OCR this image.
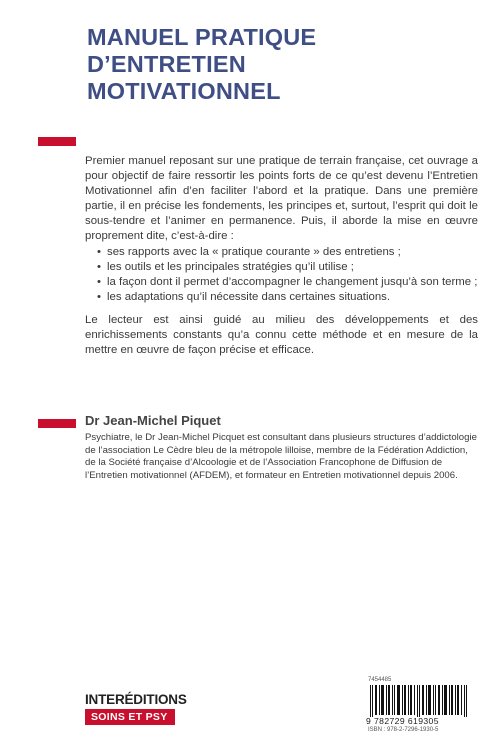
MANUEL PRATIQUE
D’ENTRETIEN
MOTIVATIONNEL

Premier manuel reposant sur une pratique de terrain française, cet ouvrage a pour objectif de faire ressortir les points forts de ce qu’est devenu l’Entretien Motivationnel afin d’en faciliter l’abord et la pratique. Dans une première partie, il en précise les fondements, les principes et, surtout, l’esprit qui doit le sous-tendre et l’animer en permanence. Puis, il aborde la mise en œuvre proprement dite, c’est-à-dire :

• ses rapports avec la « pratique courante » des entretiens ;
• les outils et les principales stratégies qu’il utilise ;
• la façon dont il permet d’accompagner le changement jusqu’à son terme ;
• les adaptations qu’il nécessite dans certaines situations.

Le lecteur est ainsi guidé au milieu des développements et des enrichissements constants qu’a connu cette méthode et en mesure de la mettre en œuvre de façon précise et efficace.

Dr Jean-Michel Piquet
Psychiatre, le Dr Jean-Michel Picquet est consultant dans plusieurs structures d’addictologie de l’association Le Cèdre bleu de la métropole lilloise, membre de la Fédération Addiction, de la Société française d’Alcoologie et de l’Association Francophone de Diffusion de l’Entretien motivationnel (AFDEM), et formateur en Entretien motivationnel depuis 2006.
INTERÉDITIONS
SOINS ET PSY
7454485
9 782729 619305
ISBN : 978-2-7296-1930-5
